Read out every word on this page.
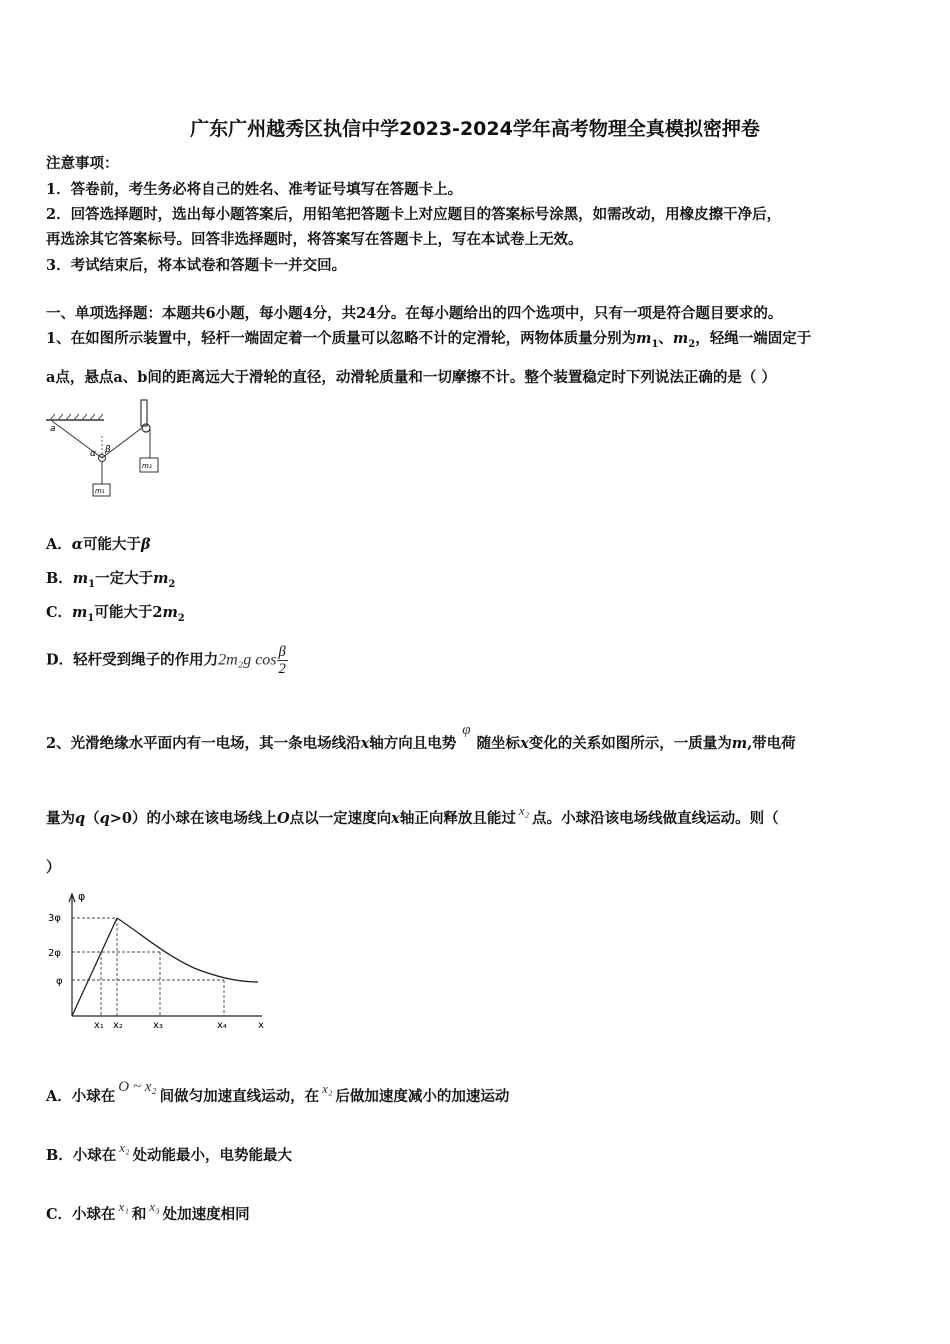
广东广州越秀区执信中学2023-2024学年高考物理全真模拟密押卷
注意事项：
1．答卷前，考生务必将自己的姓名、准考证号填写在答题卡上。
2．回答选择题时，选出每小题答案后，用铅笔把答题卡上对应题目的答案标号涂黑，如需改动，用橡皮擦干净后，
再选涂其它答案标号。回答非选择题时，将答案写在答题卡上，写在本试卷上无效。
3．考试结束后，将本试卷和答题卡一并交回。
一、单项选择题：本题共6小题，每小题4分，共24分。在每小题给出的四个选项中，只有一项是符合题目要求的。
1、在如图所示装置中，轻杆一端固定着一个质量可以忽略不计的定滑轮，两物体质量分别为$m_1$、$m_2$，轻绳一端固定于
a点，悬点a、b间的距离远大于滑轮的直径，动滑轮质量和一切摩擦不计。整个装置稳定时下列说法正确的是（ ）
a
α β
m₁
m₂
A．α可能大于β
B．$m_1$一定大于$m_2$
C．$m_1$可能大于$2m_2$
D．轻杆受到绳子的作用力2m₂g $\cos \frac{\beta}{2}$
2、光滑绝缘水平面内有一电场，其一条电场线沿x轴方向且电势φ随坐标x变化的关系如图所示，一质量为m,带电荷
量为q（q>0）的小球在该电场线上O点以一定速度向x轴正向释放且能过 x₂ 点。小球沿该电场线做直线运动。则（
）
φ
x
3φ
2φ
φ
x₁ x₂	x₃	x₄
A．小球在O ~ x₂间做匀加速直线运动，在 x₂ 后做加速度减小的加速运动
B．小球在 x₂ 处动能最小，电势能最大
C．小球在 x₁ 和 x₃ 处加速度相同
